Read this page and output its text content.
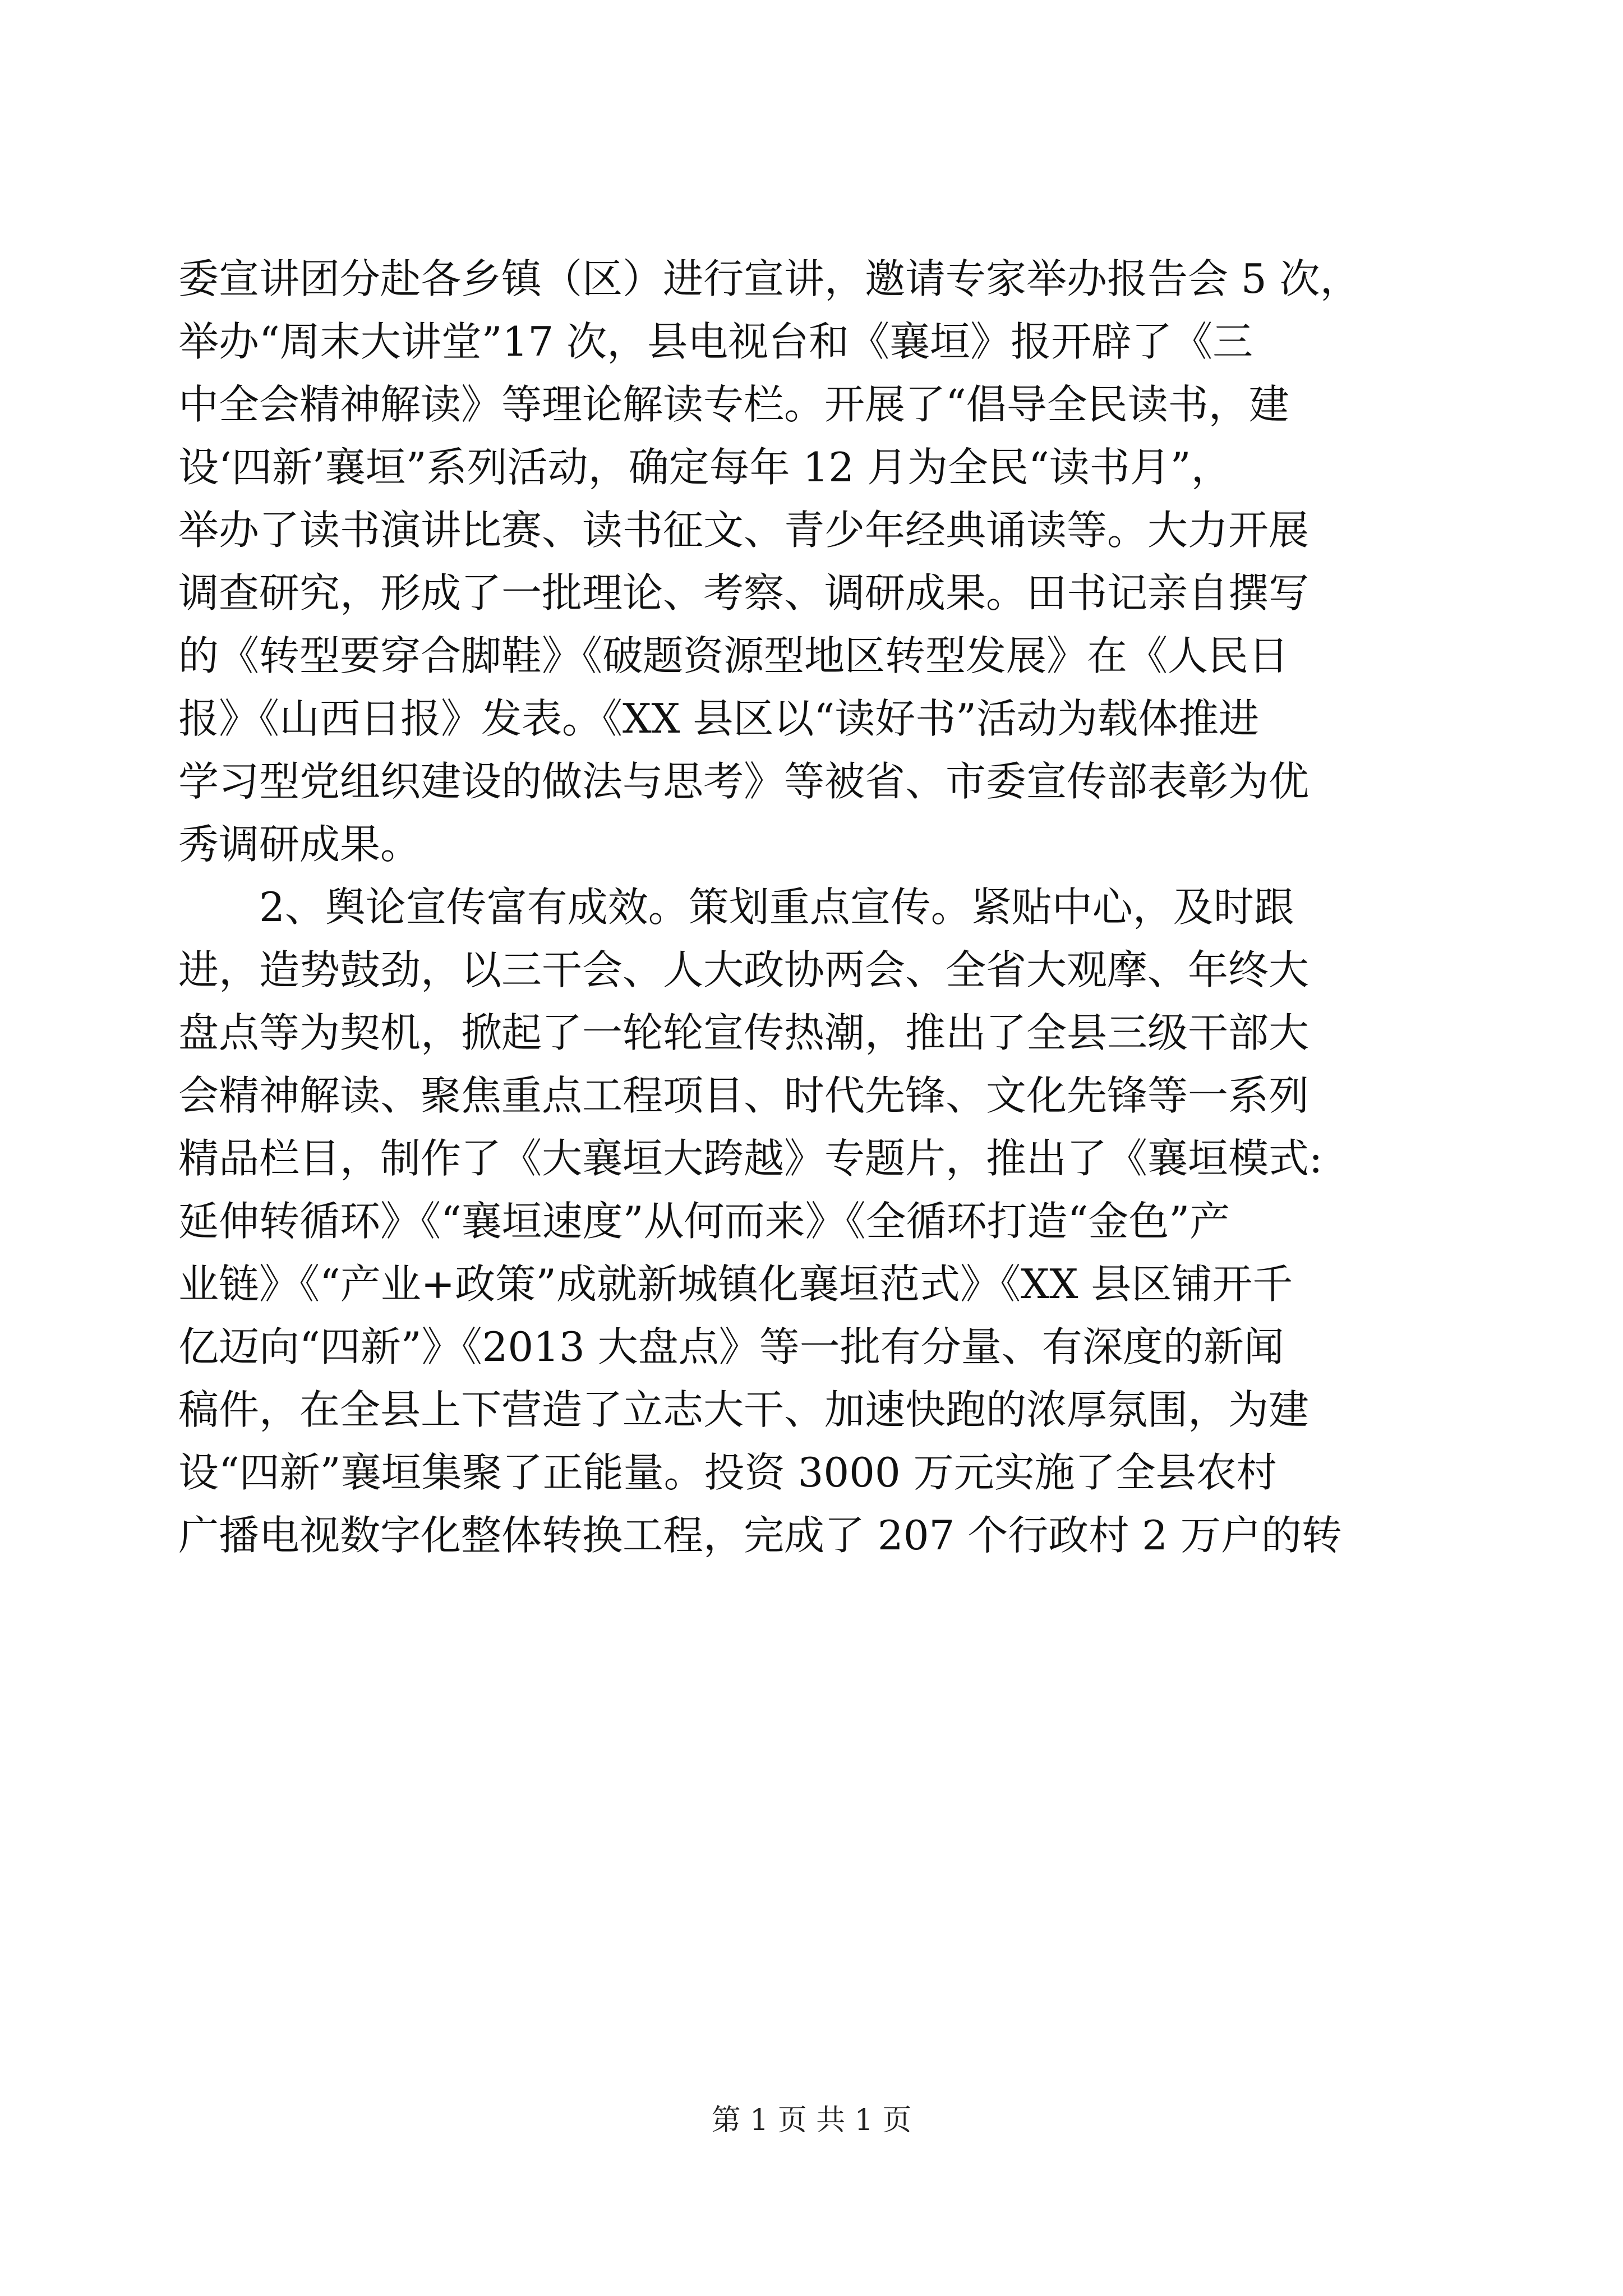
委宣讲团分赴各乡镇（区）进行宣讲，邀请专家举办报告会 5 次，
举办“周末大讲堂”17 次，县电视台和《襄垣》报开辟了《三
中全会精神解读》等理论解读专栏。开展了“倡导全民读书，建
设‘四新’襄垣”系列活动，确定每年 12 月为全民“读书月”，
举办了读书演讲比赛、读书征文、青少年经典诵读等。大力开展
调查研究，形成了一批理论、考察、调研成果。田书记亲自撰写
的《转型要穿合脚鞋》《破题资源型地区转型发展》在《人民日
报》《山西日报》发表。《XX 县区以“读好书”活动为载体推进
学习型党组织建设的做法与思考》等被省、市委宣传部表彰为优
秀调研成果。
2、舆论宣传富有成效。策划重点宣传。紧贴中心，及时跟
进，造势鼓劲，以三干会、人大政协两会、全省大观摩、年终大
盘点等为契机，掀起了一轮轮宣传热潮，推出了全县三级干部大
会精神解读、聚焦重点工程项目、时代先锋、文化先锋等一系列
精品栏目，制作了《大襄垣大跨越》专题片，推出了《襄垣模式:
延伸转循环》《“襄垣速度”从何而来》《全循环打造“金色”产
业链》《“产业+政策”成就新城镇化襄垣范式》《XX 县区铺开千
亿迈向“四新”》《2013 大盘点》等一批有分量、有深度的新闻
稿件，在全县上下营造了立志大干、加速快跑的浓厚氛围，为建
设“四新”襄垣集聚了正能量。投资 3000 万元实施了全县农村
广播电视数字化整体转换工程，完成了 207 个行政村 2 万户的转
第 1 页 共 1 页
